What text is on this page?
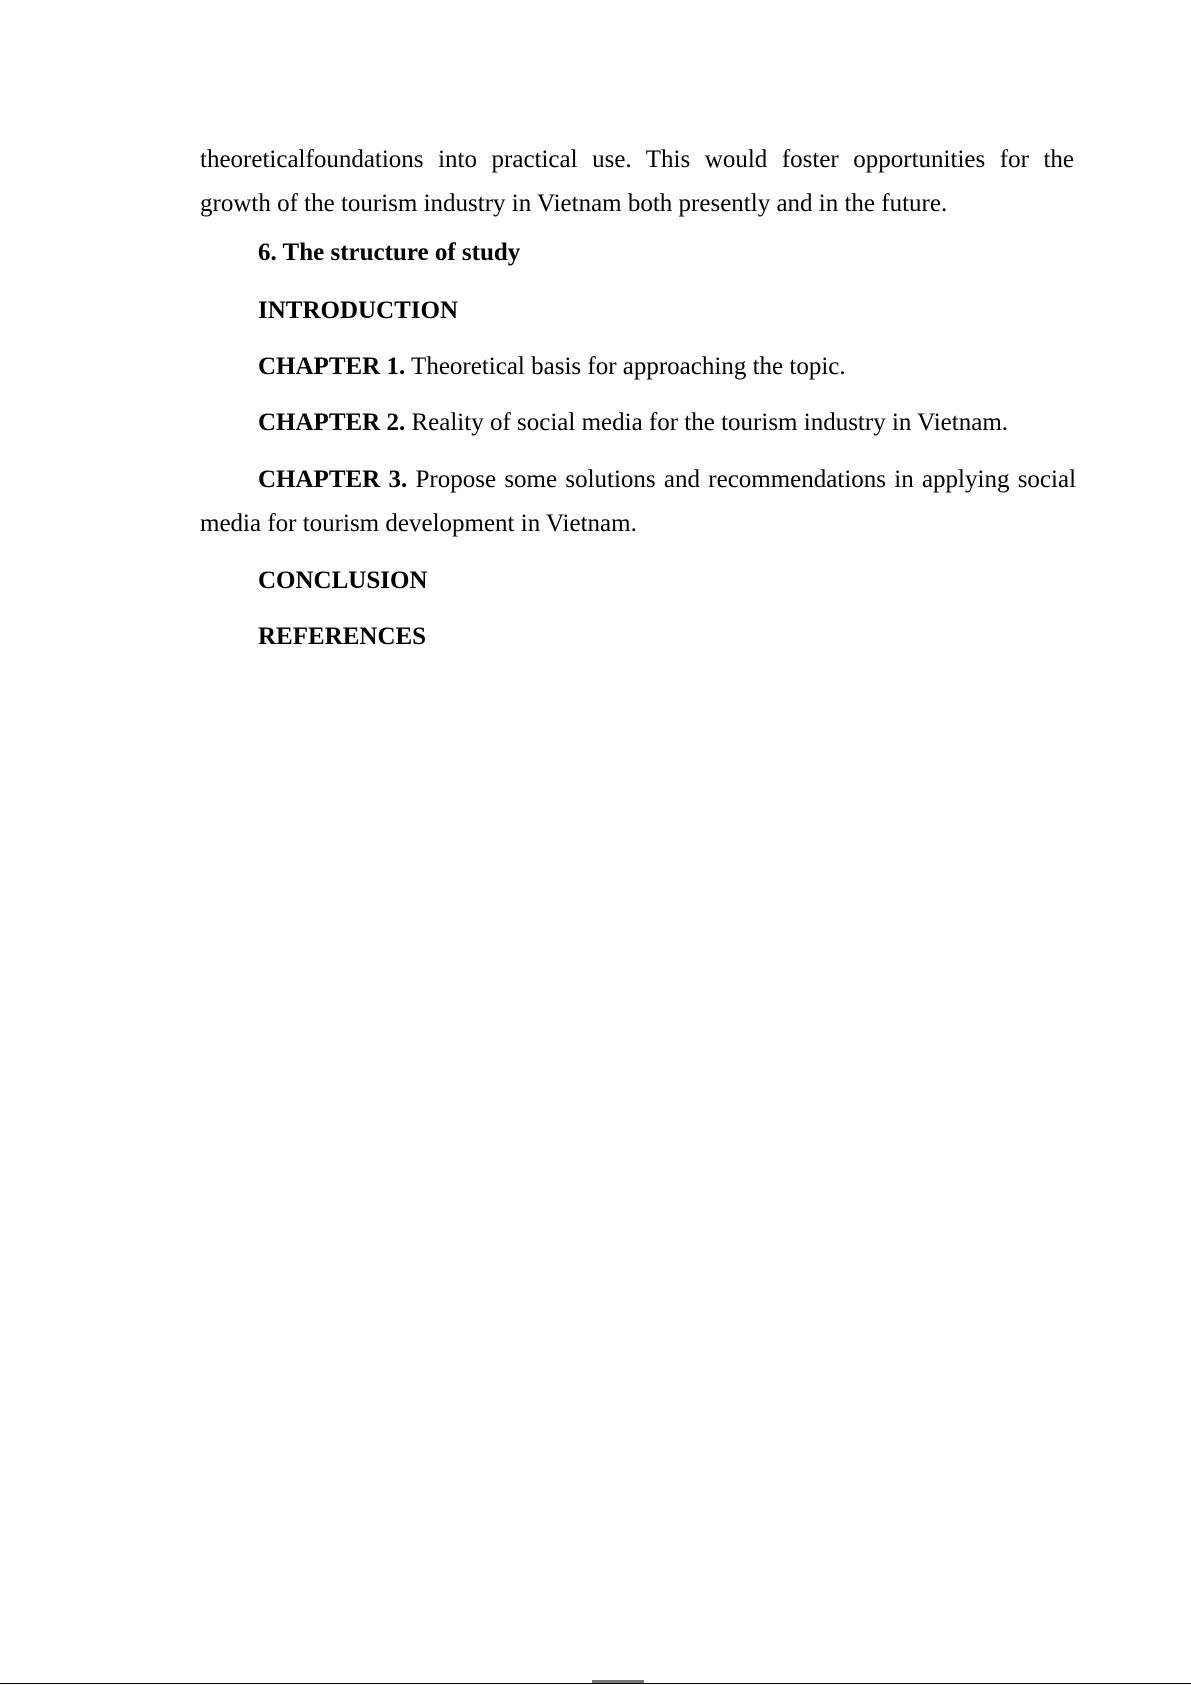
theoreticalfoundations into practical use. This would foster opportunities for the growth of the tourism industry in Vietnam both presently and in the future.

6. The structure of study

INTRODUCTION

CHAPTER 1. Theoretical basis for approaching the topic.

CHAPTER 2. Reality of social media for the tourism industry in Vietnam.

CHAPTER 3. Propose some solutions and recommendations in applying social media for tourism development in Vietnam.

CONCLUSION

REFERENCES
